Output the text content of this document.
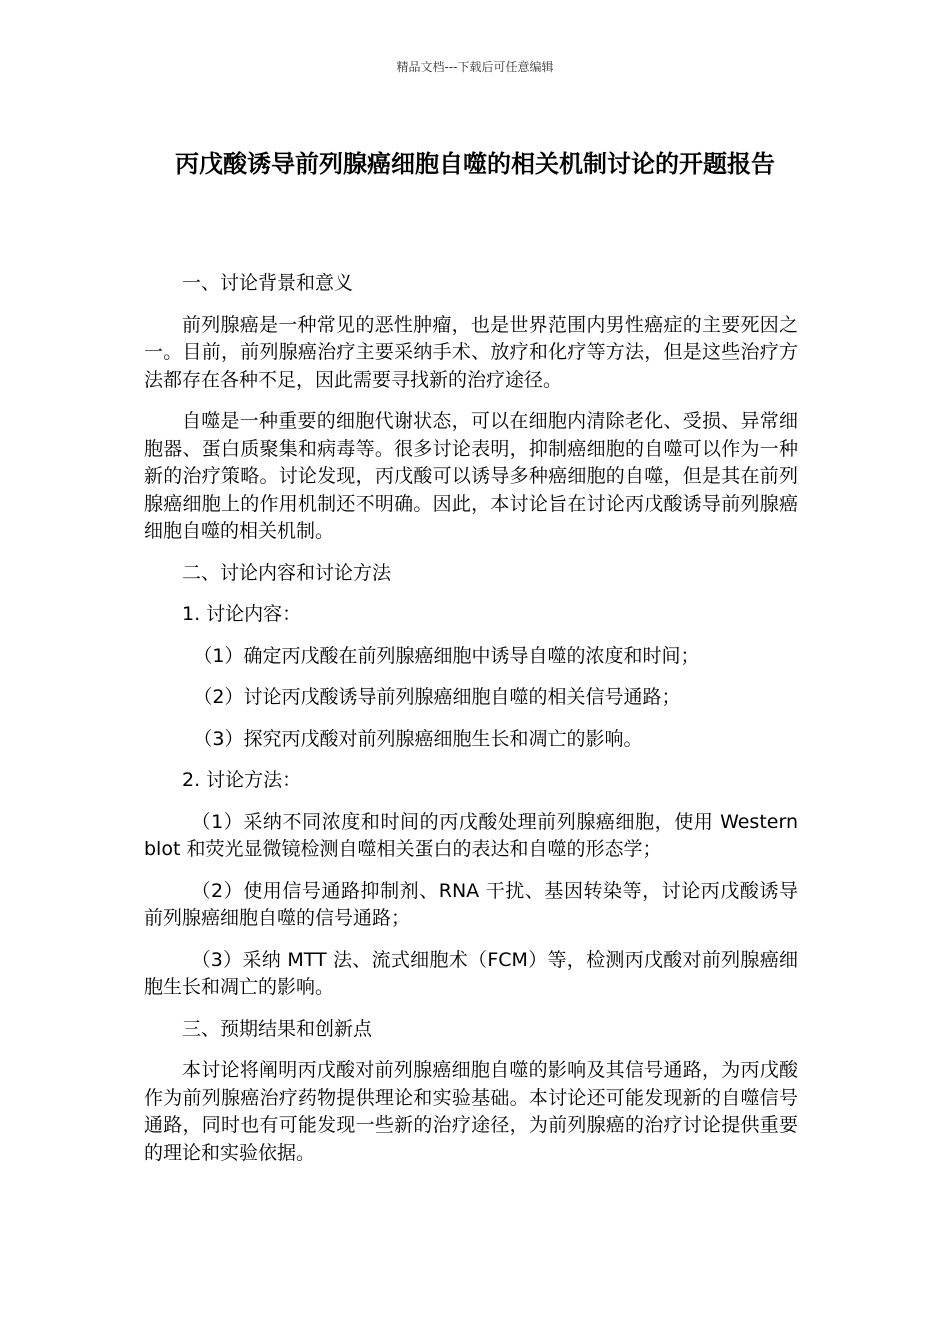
精品文档---下载后可任意编辑
丙戊酸诱导前列腺癌细胞自噬的相关机制讨论的开题报告

一、讨论背景和意义

前列腺癌是一种常见的恶性肿瘤，也是世界范围内男性癌症的主要死因之一。目前，前列腺癌治疗主要采纳手术、放疗和化疗等方法，但是这些治疗方法都存在各种不足，因此需要寻找新的治疗途径。

自噬是一种重要的细胞代谢状态，可以在细胞内清除老化、受损、异常细胞器、蛋白质聚集和病毒等。很多讨论表明，抑制癌细胞的自噬可以作为一种新的治疗策略。讨论发现，丙戊酸可以诱导多种癌细胞的自噬，但是其在前列腺癌细胞上的作用机制还不明确。因此，本讨论旨在讨论丙戊酸诱导前列腺癌细胞自噬的相关机制。

二、讨论内容和讨论方法

1. 讨论内容：

（1）确定丙戊酸在前列腺癌细胞中诱导自噬的浓度和时间；

（2）讨论丙戊酸诱导前列腺癌细胞自噬的相关信号通路；

（3）探究丙戊酸对前列腺癌细胞生长和凋亡的影响。

2. 讨论方法：

（1）采纳不同浓度和时间的丙戊酸处理前列腺癌细胞，使用 Western blot 和荧光显微镜检测自噬相关蛋白的表达和自噬的形态学；

（2）使用信号通路抑制剂、RNA 干扰、基因转染等，讨论丙戊酸诱导前列腺癌细胞自噬的信号通路；

（3）采纳 MTT 法、流式细胞术（FCM）等，检测丙戊酸对前列腺癌细胞生长和凋亡的影响。

三、预期结果和创新点

本讨论将阐明丙戊酸对前列腺癌细胞自噬的影响及其信号通路，为丙戊酸作为前列腺癌治疗药物提供理论和实验基础。本讨论还可能发现新的自噬信号通路，同时也有可能发现一些新的治疗途径，为前列腺癌的治疗讨论提供重要的理论和实验依据。
